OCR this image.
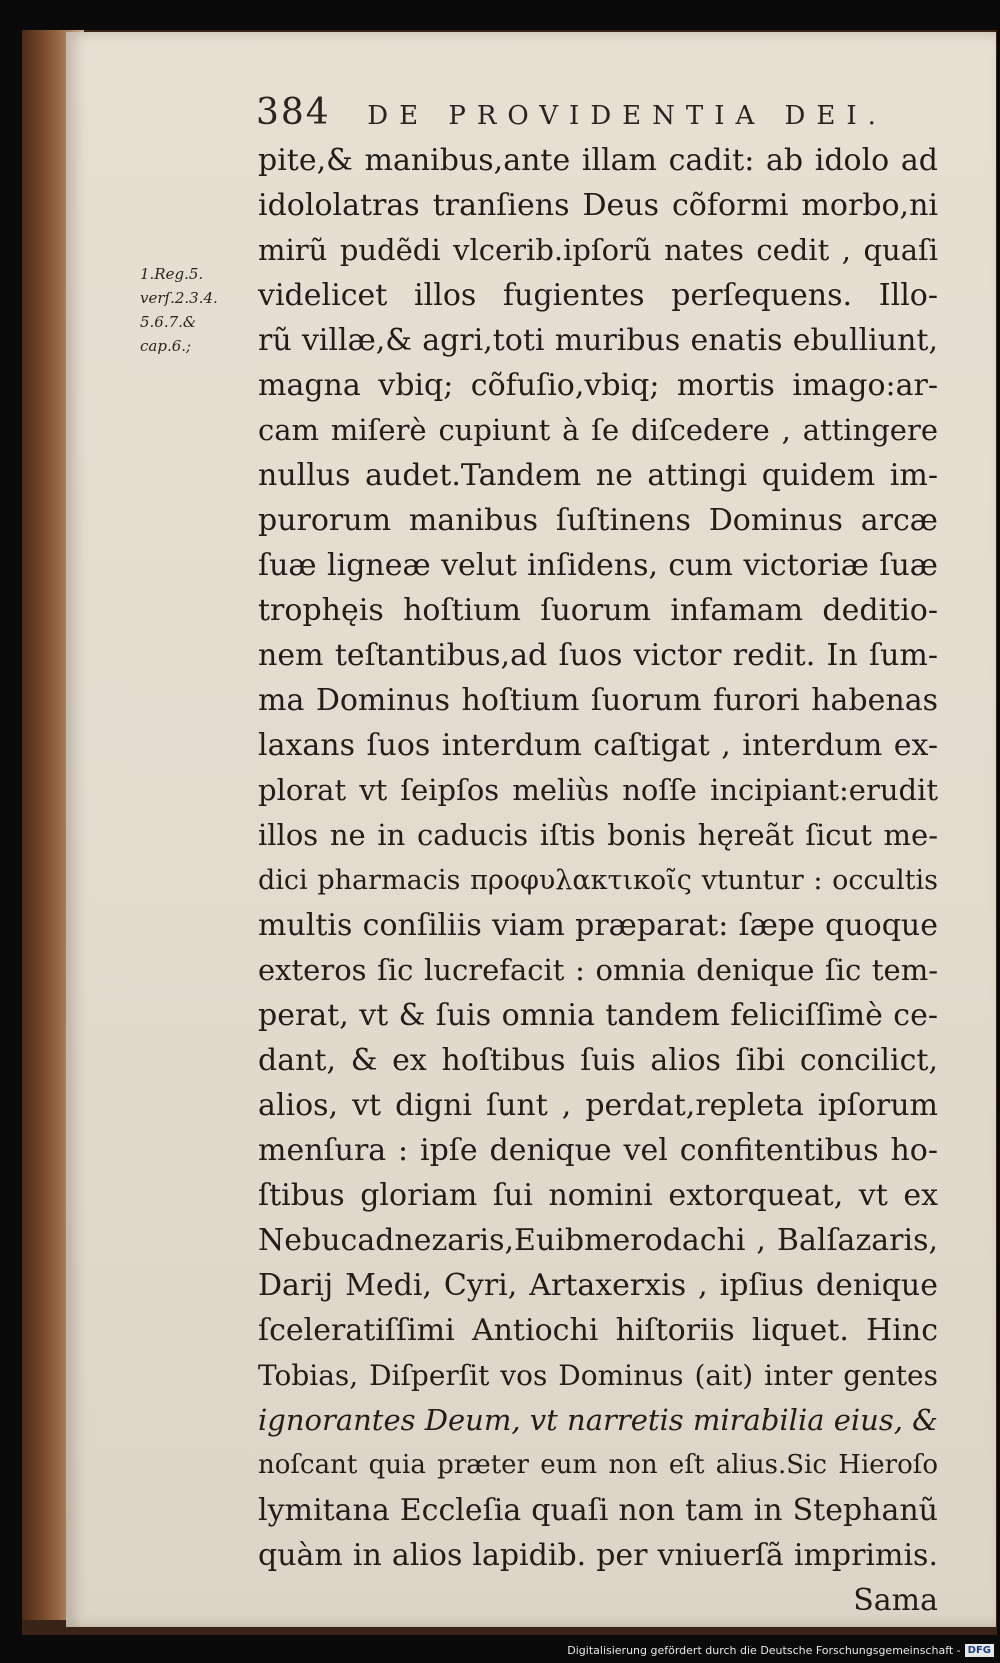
384 DE PROVIDENTIA DEI.
1.Reg.5.
verſ.2.3.4.
5.6.7.&
cap.6.;
pite,& manibus,ante illam cadit: ab idolo ad
idololatras tranſiens Deus cõformi morbo,ni
mirũ pudẽdi vlcerib.ipſorũ nates cedit , quaſi
videlicet illos fugientes perſequens. Illo-
rũ villæ,& agri,toti muribus enatis ebulliunt,
magna vbiq; cõfuſio,vbiq; mortis imago:ar-
cam miſerè cupiunt à ſe diſcedere , attingere
nullus audet.Tandem ne attingi quidem im-
purorum manibus ſuſtinens Dominus arcæ
ſuæ ligneæ velut inſidens, cum victoriæ ſuæ
trophęis hoſtium ſuorum infamam deditio-
nem teſtantibus,ad ſuos victor redit. In ſum-
ma Dominus hoſtium ſuorum furori habenas
laxans ſuos interdum caſtigat , interdum ex-
plorat vt ſeipſos meliùs noſſe incipiant:erudit
illos ne in caducis iſtis bonis hęreãt ſicut me-
dici pharmacis προφυλακτικοῖς vtuntur : occultis
multis conſiliis viam præparat: ſæpe quoque
exteros ſic lucrefacit : omnia denique ſic tem-
perat, vt & ſuis omnia tandem feliciſſimè ce-
dant, & ex hoſtibus ſuis alios ſibi concilict,
alios, vt digni ſunt , perdat,repleta ipſorum
menſura : ipſe denique vel confitentibus ho-
ſtibus gloriam ſui nomini extorqueat, vt ex
Nebucadnezaris,Euibmerodachi , Balſazaris,
Darij Medi, Cyri, Artaxerxis , ipſius denique
ſceleratiſſimi Antiochi hiſtoriis liquet. Hinc
Tobias, Diſperſit vos Dominus (ait) inter gentes
ignorantes Deum, vt narretis mirabilia eius, &
noſcant quia præter eum non eſt alius.Sic Hieroſo
lymitana Eccleſia quaſi non tam in Stephanũ
quàm in alios lapidib. per vniuerſã imprimis.
Sama
Digitalisierung gefördert durch die Deutsche Forschungsgemeinschaft - DFG
